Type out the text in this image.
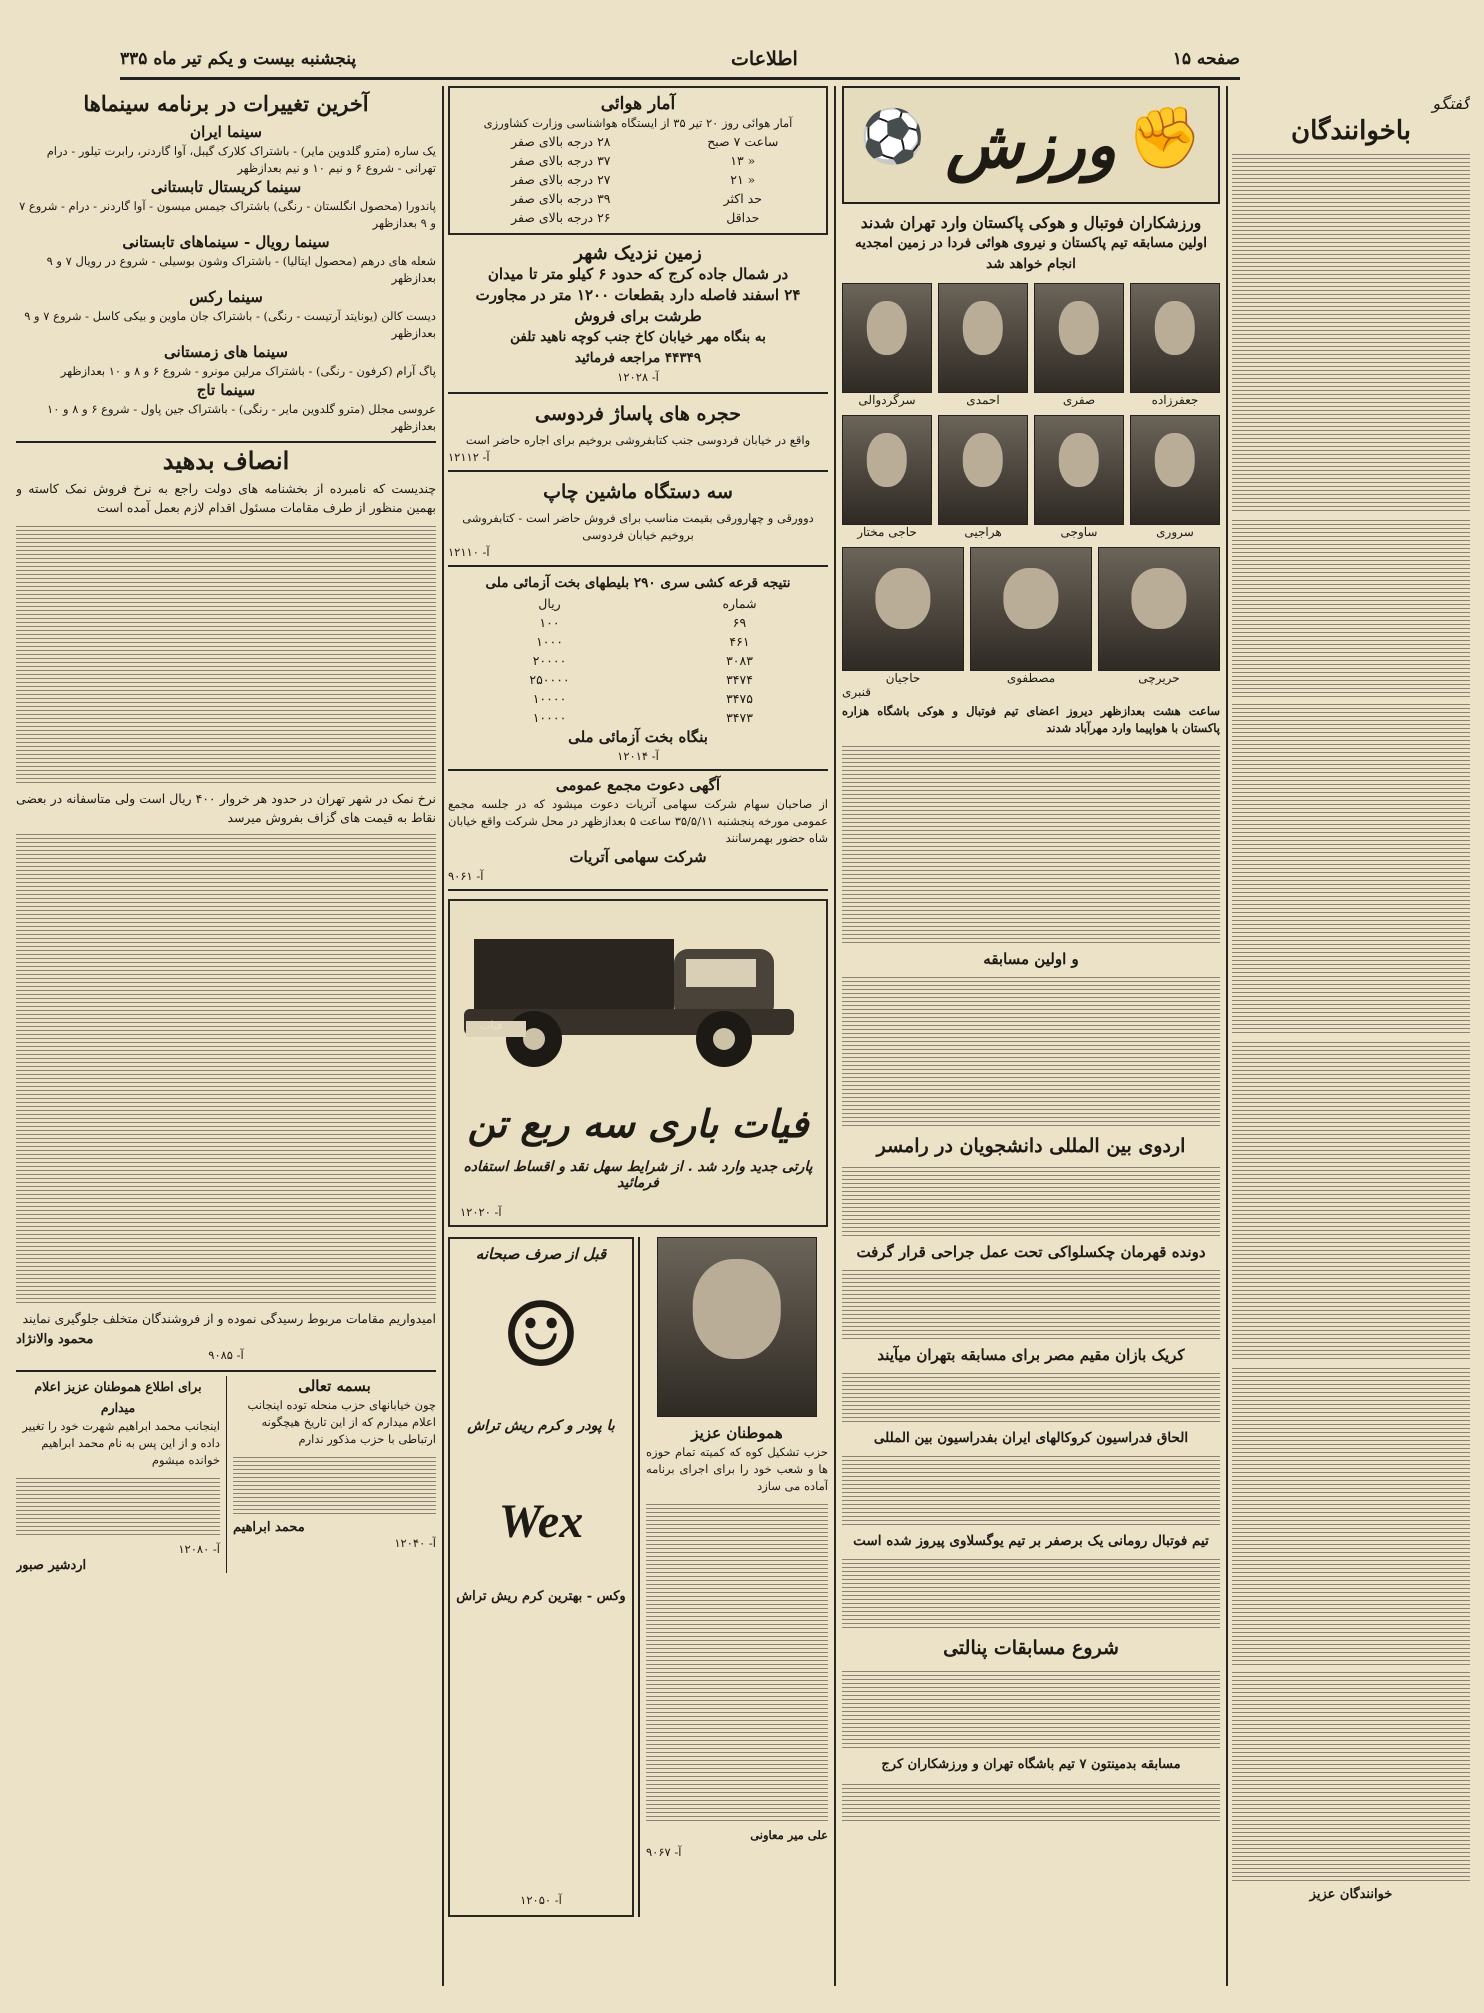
صفحه ۱۵
اطلاعات
پنجشنبه بیست و یکم تیر ماه ۳۳۵
گفتگو
باخوانندگان
خوانندگان عزیز
✊
⚽ ورزش
ورزشکاران فوتبال و هوکی پاکستان وارد تهران شدند
اولین مسابقه تیم پاکستان و نیروی هوائی فردا در زمین امجدیه انجام خواهد شد
جعفرزاده
صفری
احمدی
سرگردوالی
سروری
ساوجی
هراجیی
حاجی مختار
حریرچی
مصطفوی
حاجیان
قنبری
ساعت هشت بعدازظهر دیروز اعضای تیم فوتبال و هوکی باشگاه هزاره پاکستان با هواپیما وارد مهرآباد شدند
و اولین مسابقه
اردوی بین المللی دانشجویان در رامسر
دونده قهرمان چکسلواکی تحت عمل جراحی قرار گرفت
کریک بازان مقیم مصر برای مسابقه بتهران میآیند
الحاق فدراسیون کروکالهای ایران بفدراسیون بین المللی
تیم فوتبال رومانی یک برصفر بر تیم یوگسلاوی پیروز شده است
شروع مسابقات پنالتی
مسابقه بدمینتون ۷ تیم باشگاه تهران و ورزشکاران کرج
آمار هوائی
آمار هوائی روز ۲۰ تیر ۳۵ از ایستگاه هواشناسی وزارت کشاورزی
ساعت ۷ صبح	۲۸ درجه بالای صفر
« ۱۳	۳۷ درجه بالای صفر
« ۲۱	۲۷ درجه بالای صفر
حد اکثر	۳۹ درجه بالای صفر
حداقل	۲۶ درجه بالای صفر
زمین نزدیک شهر
در شمال جاده کرج که حدود ۶ کیلو متر تا میدان
۲۴ اسفند فاصله دارد بقطعات ۱۲۰۰ متر در مجاورت
طرشت برای فروش
به بنگاه مهر خیابان کاخ جنب کوچه ناهید تلفن
۴۴۳۴۹ مراجعه فرمائید
آ- ۱۲۰۲۸
حجره های پاساژ فردوسی
واقع در خیابان فردوسی جنب کتابفروشی بروخیم برای اجاره حاضر است
آ- ۱۲۱۱۲
سه دستگاه ماشین چاپ
دوورقی و چهارورقی بقیمت مناسب برای فروش حاضر است - کتابفروشی بروخیم خیابان فردوسی
آ- ۱۲۱۱۰
نتیجه قرعه کشی سری ۲۹۰ بلیطهای بخت آزمائی ملی
شماره	ریال
۶۹	۱۰۰
۴۶۱	۱۰۰۰
۳۰۸۳	۲۰۰۰۰
۳۴۷۴	۲۵۰۰۰۰
۳۴۷۵	۱۰۰۰۰
۳۴۷۳	۱۰۰۰۰
بنگاه بخت آزمائی ملی
آ- ۱۲۰۱۴
آگهی دعوت مجمع عمومی
از صاحبان سهام شرکت سهامی آتریات دعوت میشود که در جلسه مجمع عمومی مورخه پنجشنبه ۳۵/۵/۱۱ ساعت ۵ بعدازظهر در محل شرکت واقع خیابان شاه حضور بهمرسانند
شرکت سهامی آتریات
آ- ۹۰۶۱
فیات
فیات باری سه ربع تن
پارتی جدید وارد شد . از شرایط سهل نقد و اقساط استفاده فرمائید
آ- ۱۲۰۲۰
هموطنان عزیز
حزب تشکیل کوه که کمیته تمام حوزه ها و شعب خود را برای اجرای برنامه آماده می سازد
علی میر معاونی
آ- ۹۰۶۷
قبل از صرف صبحانه
☺
با پودر و کرم ریش تراش
Wex
وکس - بهترین کرم ریش تراش
آ- ۱۲۰۵۰
آخرین تغییرات در برنامه سینماها
سینما ایران
یک ساره (مترو گلدوین مایر) - باشتراک کلارک گیبل، آوا گاردنر، رابرت تیلور - درام تهرانی - شروع ۶ و نیم ۱۰ و نیم بعدازظهر
سینما کریستال تابستانی
پاندورا (محصول انگلستان - رنگی) باشتراک جیمس میسون - آوا گاردنر - درام - شروع ۷ و ۹ بعدازظهر
سینما رویال - سینماهای تابستانی
شعله های درهم (محصول ایتالیا) - باشتراک وشون بوسیلی - شروع در رویال ۷ و ۹ بعدازظهر
سینما رکس
دیست کالن (یونایتد آرتیست - رنگی) - باشتراک جان ماوین و بیکی کاسل - شروع ۷ و ۹ بعدازظهر
سینما های زمستانی
پاگ آرام (کرفون - رنگی) - باشتراک مرلین مونرو - شروع ۶ و ۸ و ۱۰ بعدازظهر
سینما تاج
عروسی مجلل (مترو گلدوین مایر - رنگی) - باشتراک جین پاول - شروع ۶ و ۸ و ۱۰ بعدازظهر
انصاف بدهید

چندیست که نامبرده از بخشنامه های دولت راجع به نرخ فروش نمک کاسته و بهمین منظور از طرف مقامات مسئول اقدام لازم بعمل آمده است

نرخ نمک در شهر تهران در حدود هر خروار ۴۰۰ ریال است ولی متاسفانه در بعضی نقاط به قیمت های گزاف بفروش میرسد

امیدواریم مقامات مربوط رسیدگی نموده و از فروشندگان متخلف جلوگیری نمایند

محمود والانژاد
آ- ۹۰۸۵
بسمه تعالی
چون خیابانهای حزب منحله توده اینجانب اعلام میدارم که از این تاریخ هیچگونه ارتباطی با حزب مذکور ندارم
محمد ابراهیم
آ- ۱۲۰۴۰
برای اطلاع هموطنان عزیز اعلام میدارم
اینجانب محمد ابراهیم شهرت خود را تغییر داده و از این پس به نام محمد ابراهیم خوانده میشوم
آ- ۱۲۰۸۰
اردشیر صبور
